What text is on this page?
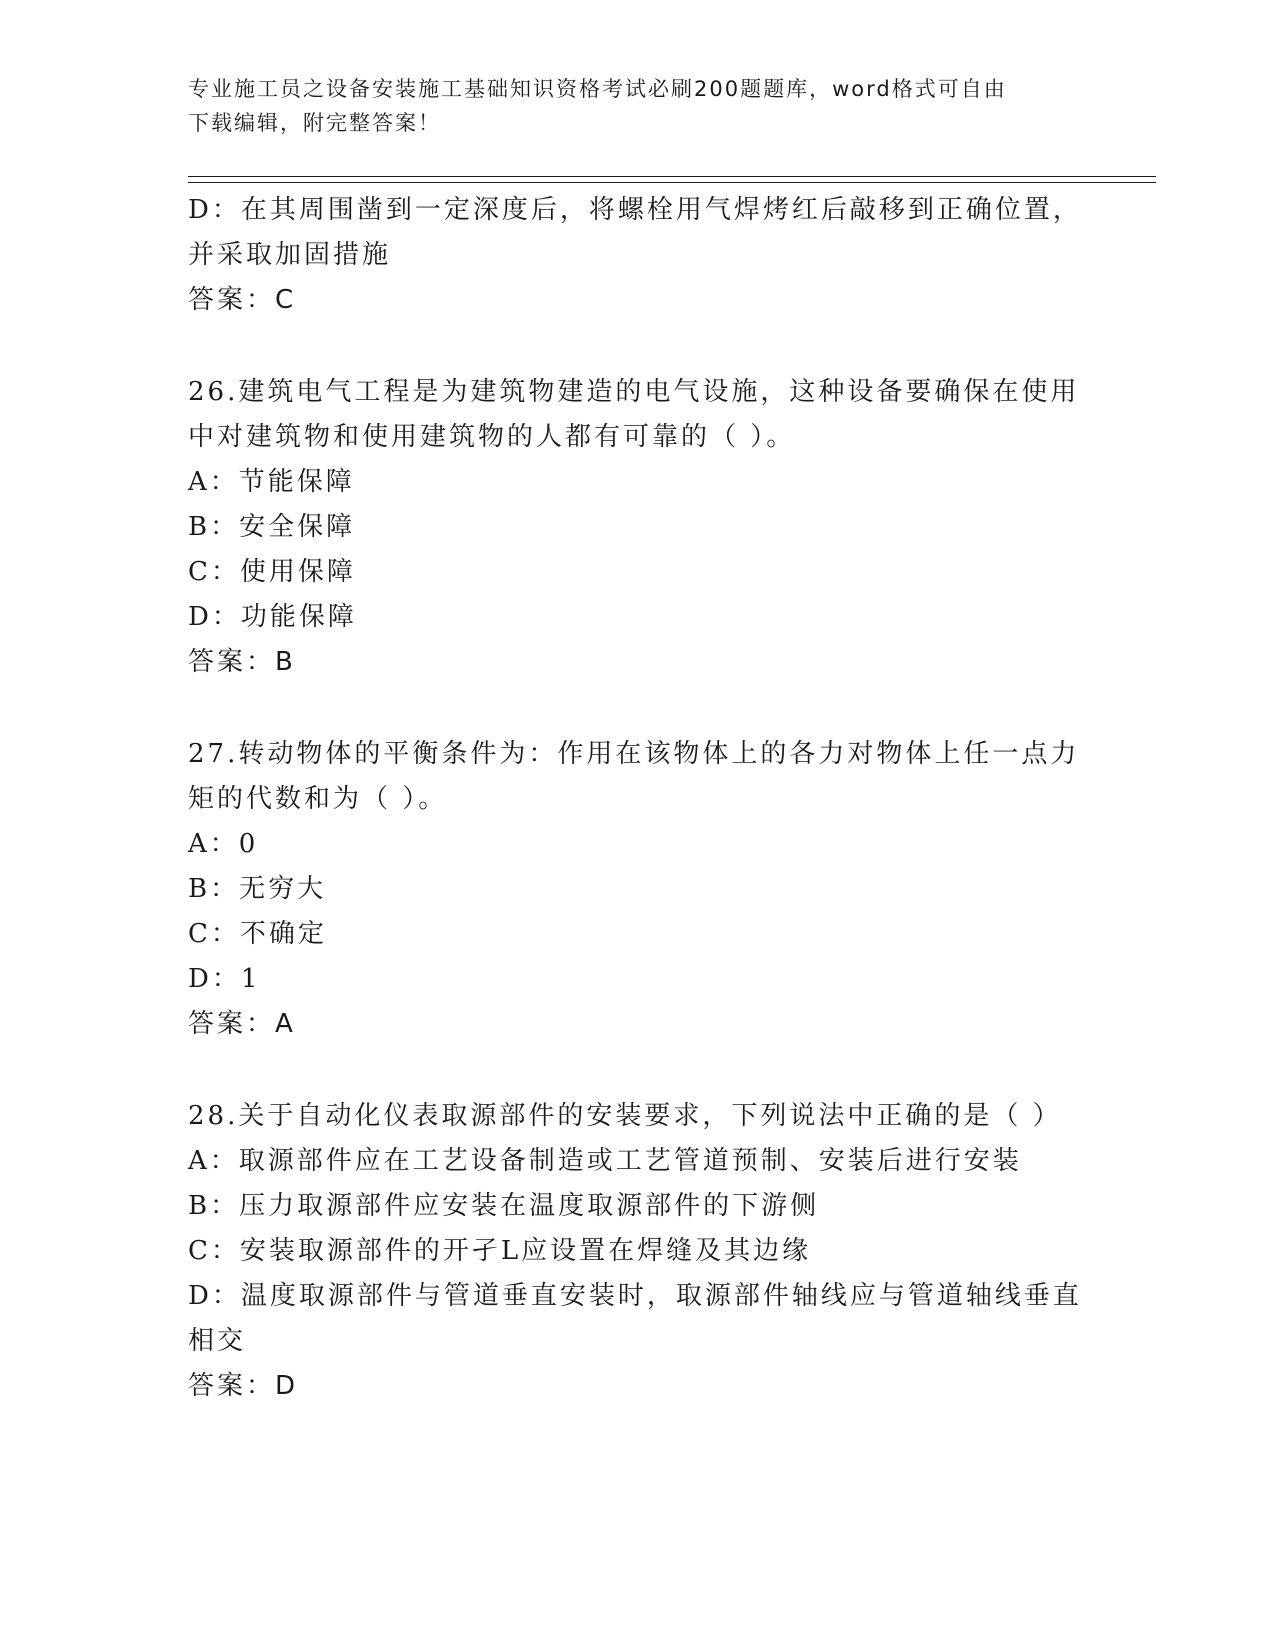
专业施工员之设备安装施工基础知识资格考试必刷200题题库，word格式可自由
下载编辑，附完整答案！
D：在其周围凿到一定深度后，将螺栓用气焊烤红后敲移到正确位置，
并采取加固措施
答案：C
26.建筑电气工程是为建筑物建造的电气设施，这种设备要确保在使用
中对建筑物和使用建筑物的人都有可靠的（ ）。
A：节能保障
B：安全保障
C：使用保障
D：功能保障
答案：B
27.转动物体的平衡条件为：作用在该物体上的各力对物体上任一点力
矩的代数和为（ ）。
A：0
B：无穷大
C：不确定
D：1
答案：A
28.关于自动化仪表取源部件的安装要求，下列说法中正确的是（ ）
A：取源部件应在工艺设备制造或工艺管道预制、安装后进行安装
B：压力取源部件应安装在温度取源部件的下游侧
C：安装取源部件的开孑L应设置在焊缝及其边缘
D：温度取源部件与管道垂直安装时，取源部件轴线应与管道轴线垂直
相交
答案：D
